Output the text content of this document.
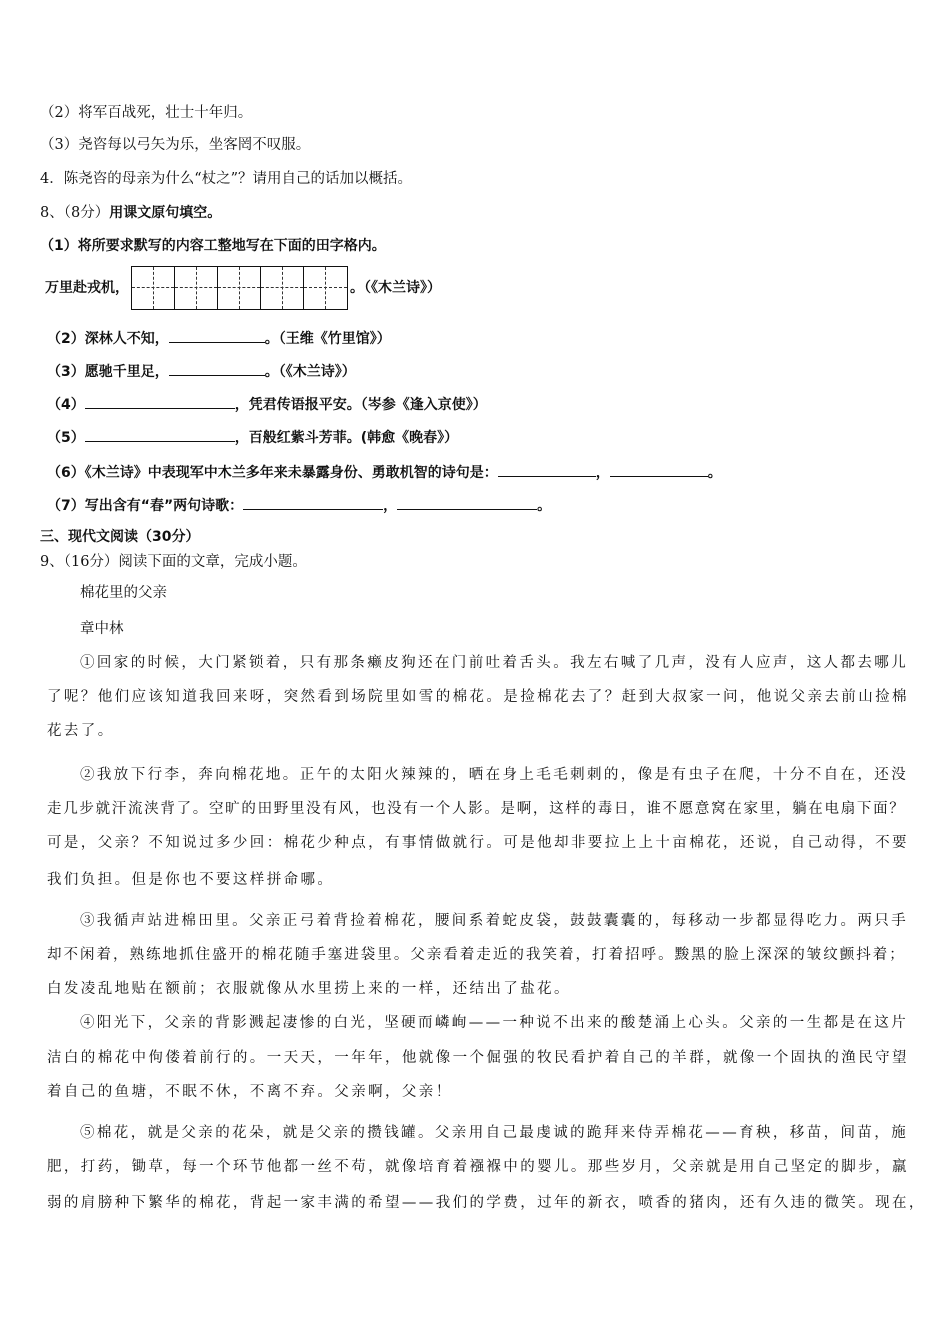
（2）将军百战死，壮士十年归。
（3）尧咨每以弓矢为乐，坐客罔不叹服。
4．陈尧咨的母亲为什么“杖之”？请用自己的话加以概括。
8、（8分）用课文原句填空。
（1）将所要求默写的内容工整地写在下面的田字格内。
万里赴戎机，	。（《木兰诗》）
（2）深林人不知，	。（王维《竹里馆》）
（3）愿驰千里足，	。（《木兰诗》）
（4）	，凭君传语报平安。（岑参《逢入京使》）
（5）	，百般红紫斗芳菲。(韩愈《晚春》）
（6）《木兰诗》中表现军中木兰多年来未暴露身份、勇敢机智的诗句是：	，	。
（7）写出含有“春”两句诗歌：	，	。
三、现代文阅读（30分）
9、（16分）阅读下面的文章，完成小题。
棉花里的父亲
章中林
①回家的时候，大门紧锁着，只有那条癞皮狗还在门前吐着舌头。我左右喊了几声，没有人应声，这人都去哪儿
了呢？他们应该知道我回来呀，突然看到场院里如雪的棉花。是捡棉花去了？赶到大叔家一问，他说父亲去前山捡棉
花去了。
②我放下行李，奔向棉花地。正午的太阳火辣辣的，晒在身上毛毛刺刺的，像是有虫子在爬，十分不自在，还没
走几步就汗流浃背了。空旷的田野里没有风，也没有一个人影。是啊，这样的毒日，谁不愿意窝在家里，躺在电扇下面？
可是，父亲？不知说过多少回：棉花少种点，有事情做就行。可是他却非要拉上上十亩棉花，还说，自己动得，不要
我们负担。但是你也不要这样拼命哪。
③我循声站进棉田里。父亲正弓着背捡着棉花，腰间系着蛇皮袋，鼓鼓囊囊的，每移动一步都显得吃力。两只手
却不闲着，熟练地抓住盛开的棉花随手塞进袋里。父亲看着走近的我笑着，打着招呼。黢黑的脸上深深的皱纹颤抖着；
白发凌乱地贴在额前；衣服就像从水里捞上来的一样，还结出了盐花。
④阳光下，父亲的背影溅起凄惨的白光，坚硬而嶙峋——一种说不出来的酸楚涌上心头。父亲的一生都是在这片
洁白的棉花中佝偻着前行的。一天天，一年年，他就像一个倔强的牧民看护着自己的羊群，就像一个固执的渔民守望
着自己的鱼塘，不眠不休，不离不弃。父亲啊，父亲！
⑤棉花，就是父亲的花朵，就是父亲的攒钱罐。父亲用自己最虔诚的跪拜来侍弄棉花——育秧，移苗，间苗，施
肥，打药，锄草，每一个环节他都一丝不苟，就像培育着襁褓中的婴儿。那些岁月，父亲就是用自己坚定的脚步，羸
弱的肩膀种下繁华的棉花，背起一家丰满的希望——我们的学费，过年的新衣，喷香的猪肉，还有久违的微笑。现在，
